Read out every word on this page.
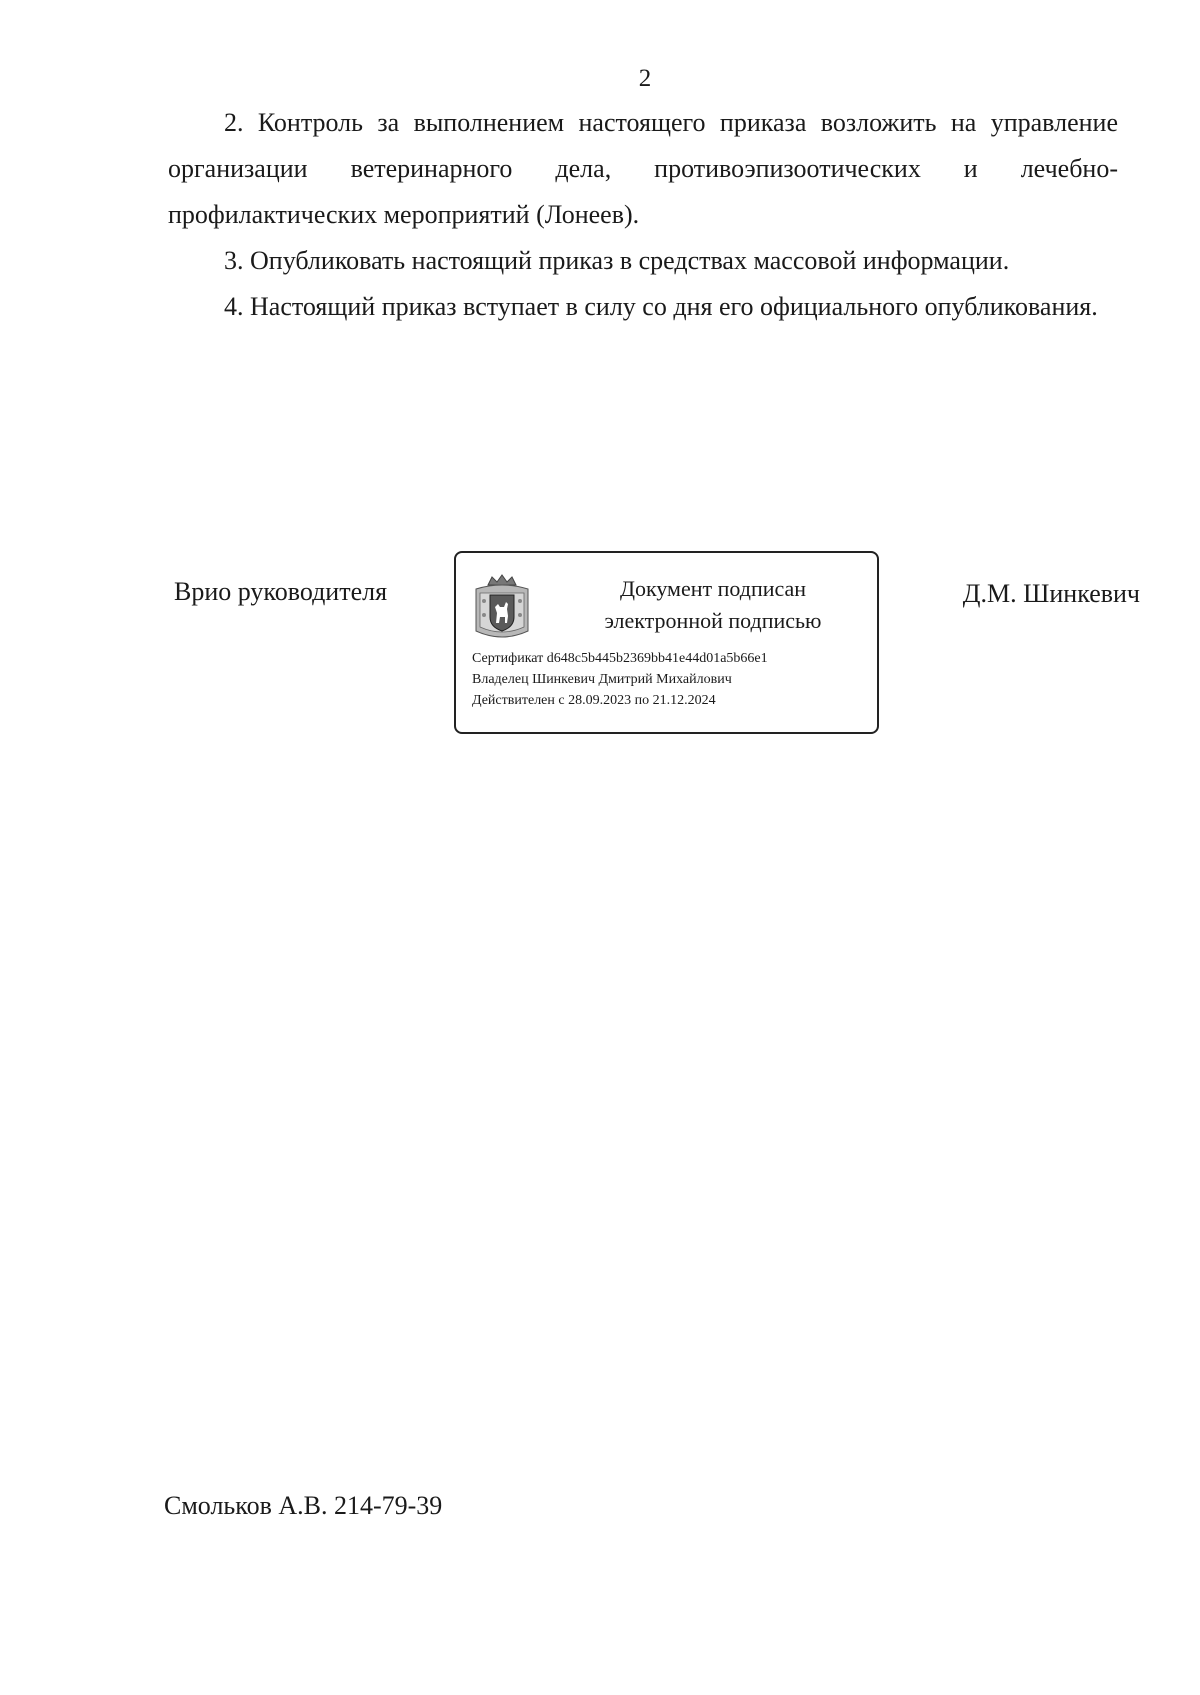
2

2. Контроль за выполнением настоящего приказа возложить на управление организации ветеринарного дела, противоэпизоотических и лечебно-профилактических мероприятий (Лонеев).

3. Опубликовать настоящий приказ в средствах массовой информации.

4. Настоящий приказ вступает в силу со дня его официального опубликования.

Врио руководителя	Документ подписан
электронной подписью
Сертификат d648c5b445b2369bb41e44d01a5b66e1
Владелец Шинкевич Дмитрий Михайлович
Действителен с 28.09.2023 по 21.12.2024
Д.М. Шинкевич
Смольков А.В. 214-79-39
